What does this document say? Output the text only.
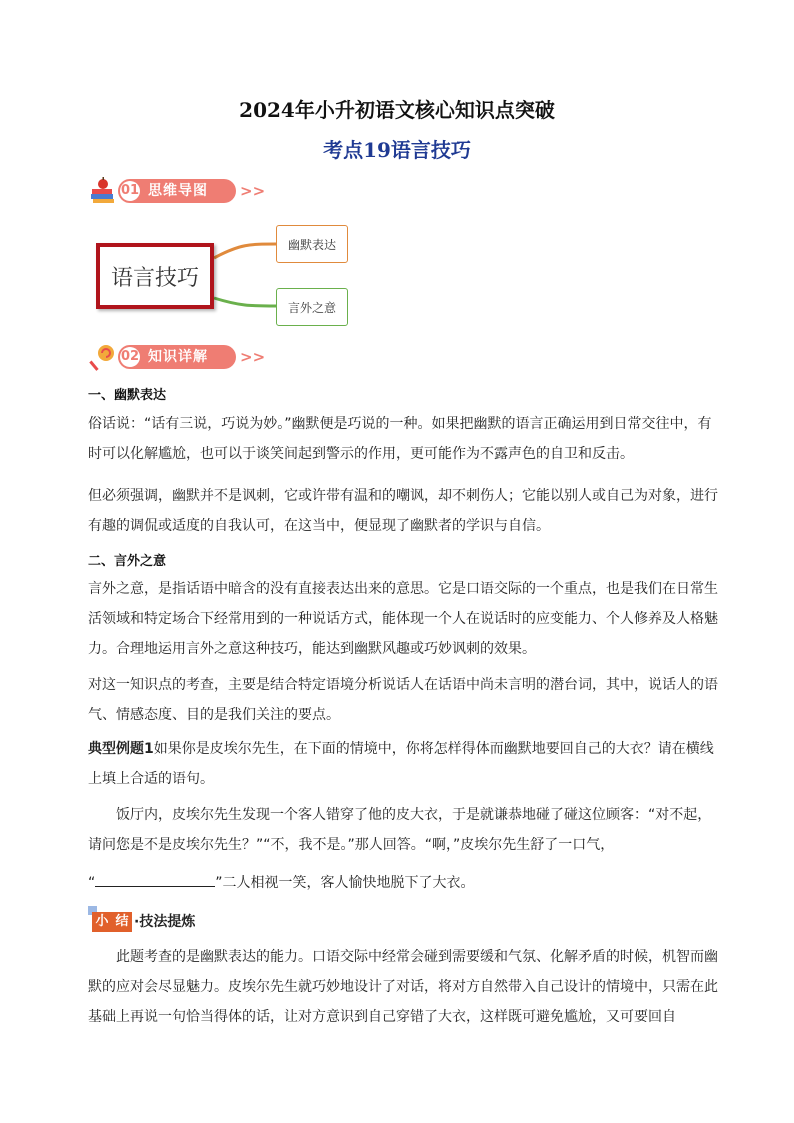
2024年小升初语文核心知识点突破
考点19语言技巧
01 思维导图 >>
语言技巧
幽默表达
言外之意
02 知识详解 >>
一、幽默表达

俗话说：“话有三说，巧说为妙。”幽默便是巧说的一种。如果把幽默的语言正确运用到日常交往中，有时可以化解尴尬，也可以于谈笑间起到警示的作用，更可能作为不露声色的自卫和反击。

但必须强调，幽默并不是讽刺，它或许带有温和的嘲讽，却不刺伤人；它能以别人或自己为对象，进行有趣的调侃或适度的自我认可，在这当中，便显现了幽默者的学识与自信。

二、言外之意

言外之意，是指话语中暗含的没有直接表达出来的意思。它是口语交际的一个重点，也是我们在日常生活领域和特定场合下经常用到的一种说话方式，能体现一个人在说话时的应变能力、个人修养及人格魅力。合理地运用言外之意这种技巧，能达到幽默风趣或巧妙讽刺的效果。

对这一知识点的考查，主要是结合特定语境分析说话人在话语中尚未言明的潜台词，其中，说话人的语气、情感态度、目的是我们关注的要点。

典型例题1如果你是皮埃尔先生，在下面的情境中，你将怎样得体而幽默地要回自己的大衣？请在横线上填上合适的语句。

饭厅内，皮埃尔先生发现一个客人错穿了他的皮大衣，于是就谦恭地碰了碰这位顾客：“对不起，请问您是不是皮埃尔先生？”“不，我不是。”那人回答。“啊，”皮埃尔先生舒了一口气，

“	”二人相视一笑，客人愉快地脱下了大衣。

小 结 ·技法提炼

此题考查的是幽默表达的能力。口语交际中经常会碰到需要缓和气氛、化解矛盾的时候，机智而幽默的应对会尽显魅力。皮埃尔先生就巧妙地设计了对话，将对方自然带入自己设计的情境中，只需在此基础上再说一句恰当得体的话，让对方意识到自己穿错了大衣，这样既可避免尴尬，又可要回自
